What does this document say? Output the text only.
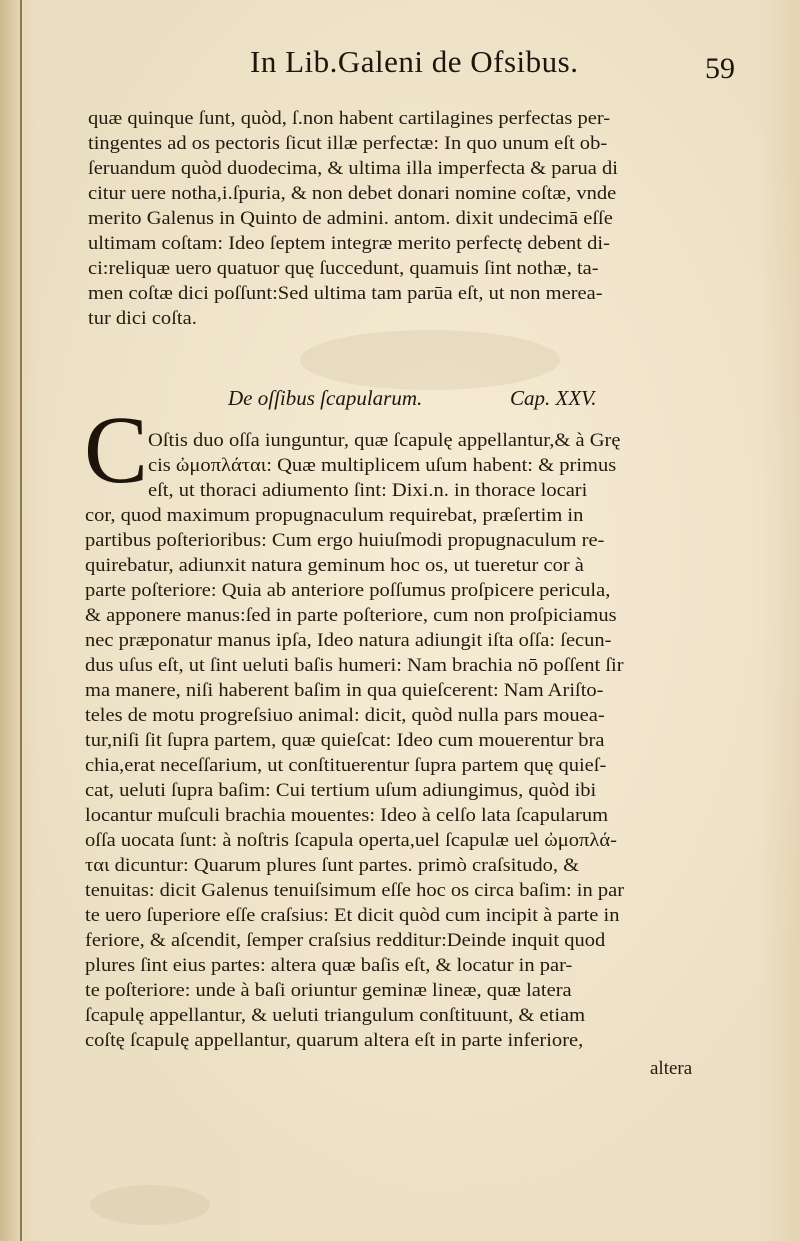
In Lib.Galeni de Ofsibus.	59
quæ quinque ſunt, quòd, ſ.non habent cartilagines perfectas per-
tingentes ad os pectoris ſicut illæ perfectæ: In quo unum eſt ob-
ſeruandum quòd duodecima, & ultima illa imperfecta & parua di
citur uere notha,i.ſpuria, & non debet donari nomine coſtæ, vnde
merito Galenus in Quinto de admini. antom. dixit undecimā eſſe
ultimam coſtam: Ideo ſeptem integræ merito perfectę debent di-
ci:reliquæ uero quatuor quę ſuccedunt, quamuis ſint nothæ, ta-
men coſtæ dici poſſunt:Sed ultima tam parūa eſt, ut non merea-
tur dici coſta.
De oſſibus ſcapularum.	Cap. XXV.
C Oſtis duo oſſa iunguntur, quæ ſcapulę appellantur,& à Grę
cis ὠμοπλάται: Quæ multiplicem uſum habent: & primus
eſt, ut thoraci adiumento ſint: Dixi.n. in thorace locari
cor, quod maximum propugnaculum requirebat, præſertim in
partibus poſterioribus: Cum ergo huiuſmodi propugnaculum re-
quirebatur, adiunxit natura geminum hoc os, ut tueretur cor à
parte poſteriore: Quia ab anteriore poſſumus proſpicere pericula,
& apponere manus:ſed in parte poſteriore, cum non proſpiciamus
nec præponatur manus ipſa, Ideo natura adiungit iſta oſſa: ſecun-
dus uſus eſt, ut ſint ueluti baſis humeri: Nam brachia nō poſſent ſir
ma manere, niſi haberent baſim in qua quieſcerent: Nam Ariſto-
teles de motu progreſsiuo animal: dicit, quòd nulla pars mouea-
tur,niſi ſit ſupra partem, quæ quieſcat: Ideo cum mouerentur bra
chia,erat neceſſarium, ut conſtituerentur ſupra partem quę quieſ-
cat, ueluti ſupra baſim: Cui tertium uſum adiungimus, quòd ibi
locantur muſculi brachia mouentes: Ideo à celſo lata ſcapularum
oſſa uocata ſunt: à noſtris ſcapula operta,uel ſcapulæ uel ὠμοπλά-
ται dicuntur: Quarum plures ſunt partes. primò craſsitudo, &
tenuitas: dicit Galenus tenuiſsimum eſſe hoc os circa baſim: in par
te uero ſuperiore eſſe craſsius: Et dicit quòd cum incipit à parte in
feriore, & aſcendit, ſemper craſsius redditur:Deinde inquit quod
plures ſint eius partes: altera quæ baſis eſt, & locatur in par-
te poſteriore: unde à baſi oriuntur geminæ lineæ, quæ latera
ſcapulę appellantur, & ueluti triangulum conſtituunt, & etiam
coſtę ſcapulę appellantur, quarum altera eſt in parte inferiore,
altera
